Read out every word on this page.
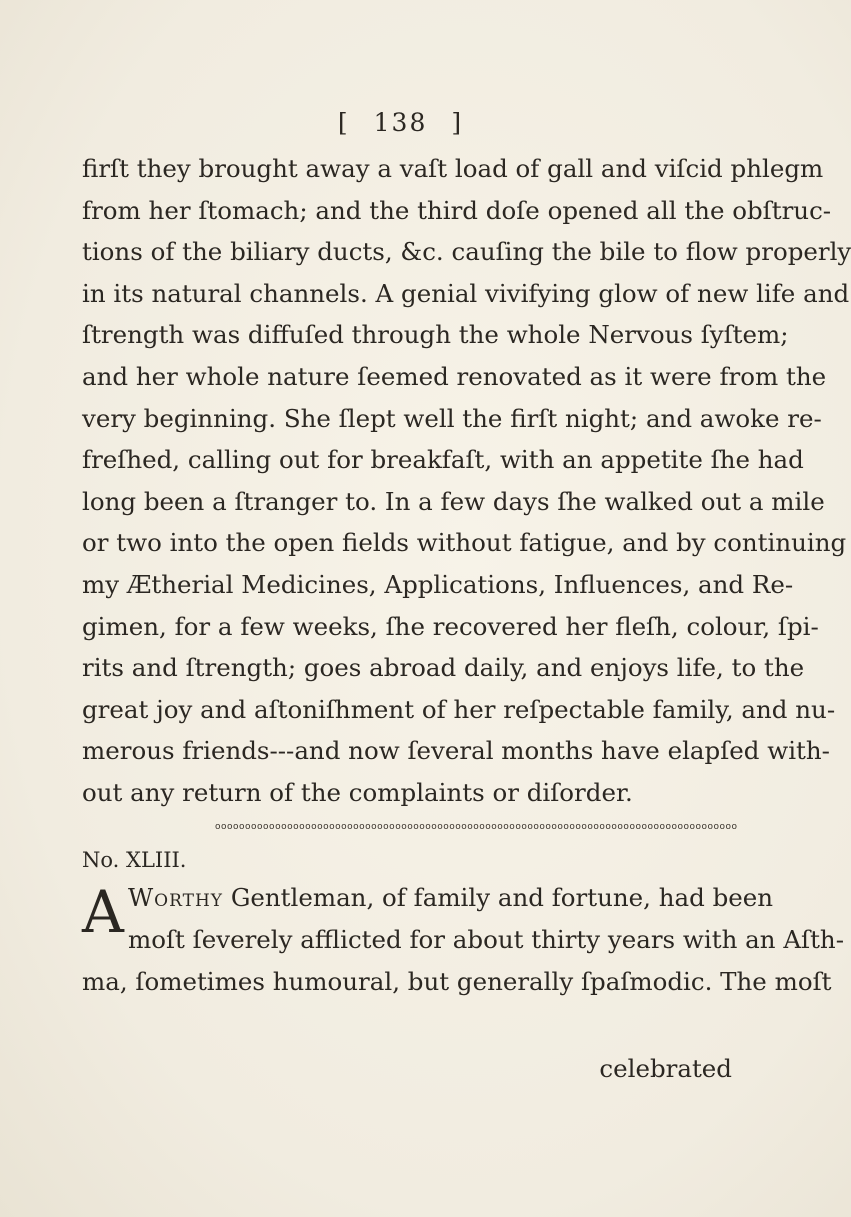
[ 138 ]
firſt they brought away a vaſt load of gall and viſcid phlegm
from her ſtomach; and the third doſe opened all the obſtruc-
tions of the biliary ducts, &c. cauſing the bile to flow properly
in its natural channels. A genial vivifying glow of new life and
ſtrength was diffuſed through the whole Nervous ſyſtem;
and her whole nature ſeemed renovated as it were from the
very beginning. She ſlept well the firſt night; and awoke re-
freſhed, calling out for breakfaſt, with an appetite ſhe had
long been a ſtranger to. In a few days ſhe walked out a mile
or two into the open fields without fatigue, and by continuing
my Ætherial Medicines, Applications, Influences, and Re-
gimen, for a few weeks, ſhe recovered her fleſh, colour, ſpi-
rits and ſtrength; goes abroad daily, and enjoys life, to the
great joy and aſtoniſhment of her reſpectable family, and nu-
merous friends---and now ſeveral months have elapſed with-
out any return of the complaints or diſorder.
ooooooooooooooooooooooooooooooooooooooooooooooooooooooooooooooooooooooooooooooooooooooo
No. XLIII.
A Worthy Gentleman, of family and fortune, had been
moſt ſeverely afflicted for about thirty years with an Aſth-
ma, ſometimes humoural, but generally ſpaſmodic. The moſt
celebrated
